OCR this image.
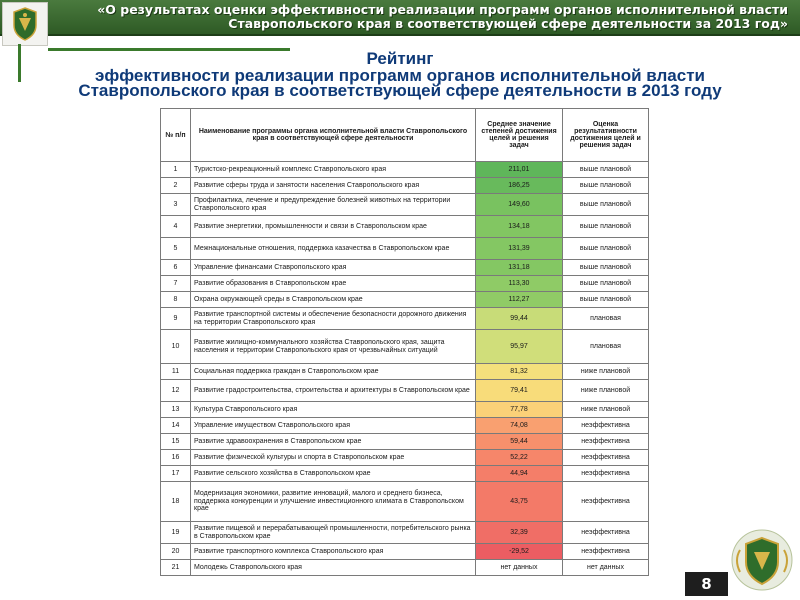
«О результатах оценки эффективности реализации программ органов исполнительной власти
Ставропольского края в соответствующей сфере деятельности за 2013 год»
Рейтинг
эффективности реализации программ органов исполнительной власти
Ставропольского края в соответствующей сфере деятельности в 2013 году
№ п/п	Наименование программы органа исполнительной власти Ставропольского края в соответствующей сфере деятельности	Среднее значение степеней достижения целей и решения задач	Оценка результативности достижения целей и решения задач
1	Туристско-рекреационный комплекс Ставропольского края	211,01	выше плановой
2	Развитие сферы труда и занятости населения Ставропольского края	186,25	выше плановой
3	Профилактика, лечение и предупреждение болезней животных на территории Ставропольского края	149,60	выше плановой
4	Развитие энергетики, промышленности и связи в Ставропольском крае	134,18	выше плановой
5	Межнациональные отношения, поддержка казачества в Ставропольском крае	131,39	выше плановой
6	Управление финансами Ставропольского края	131,18	выше плановой
7	Развитие образования в Ставропольском крае	113,30	выше плановой
8	Охрана окружающей среды в Ставропольском крае	112,27	выше плановой
9	Развитие транспортной системы и обеспечение безопасности дорожного движения на территории Ставропольского края	99,44	плановая
10	Развитие жилищно-коммунального хозяйства Ставропольского края, защита населения и территории Ставропольского края от чрезвычайных ситуаций	95,97	плановая
11	Социальная поддержка граждан в Ставропольском крае	81,32	ниже плановой
12	Развитие градостроительства, строительства и архитектуры в Ставропольском крае	79,41	ниже плановой
13	Культура Ставропольского края	77,78	ниже плановой
14	Управление имуществом Ставропольского края	74,08	неэффективна
15	Развитие здравоохранения в Ставропольском крае	59,44	неэффективна
16	Развитие физической культуры и спорта в Ставропольском крае	52,22	неэффективна
17	Развитие сельского хозяйства в Ставропольском крае	44,94	неэффективна
18	Модернизация экономики, развитие инноваций, малого и среднего бизнеса, поддержка конкуренции и улучшение инвестиционного климата в Ставропольском крае	43,75	неэффективна
19	Развитие пищевой и перерабатывающей промышленности, потребительского рынка в Ставропольском крае	32,39	неэффективна
20	Развитие транспортного комплекса Ставропольского края	-29,52	неэффективна
21	Молодежь Ставропольского края	нет данных	нет данных
8
